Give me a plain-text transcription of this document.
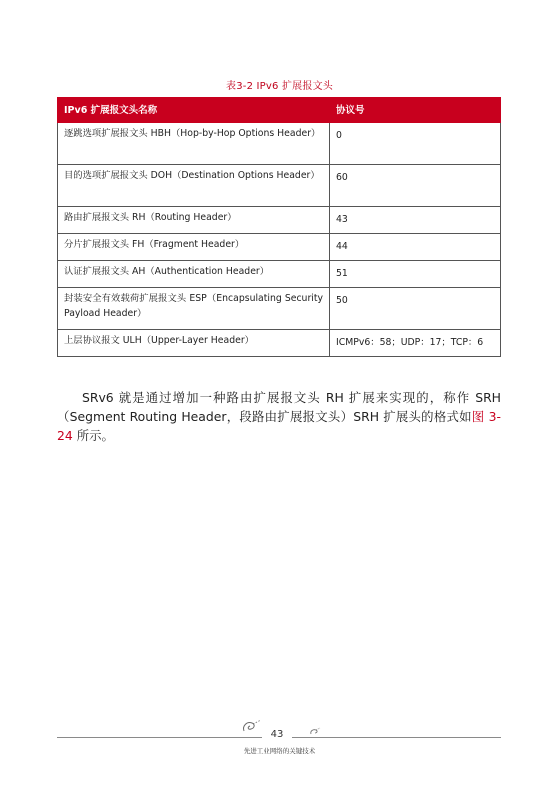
表3-2 IPv6 扩展报文头
IPv6 扩展报文头名称	协议号
逐跳选项扩展报文头 HBH（Hop-by-Hop Options Header）	0
目的选项扩展报文头 DOH（Destination Options Header）	60
路由扩展报文头 RH（Routing Header）	43
分片扩展报文头 FH（Fragment Header）	44
认证扩展报文头 AH（Authentication Header）	51
封装安全有效载荷扩展报文头 ESP（Encapsulating Security Payload Header）	50
上层协议报文 ULH（Upper-Layer Header）	ICMPv6：58；UDP：17；TCP：6

SRv6 就是通过增加一种路由扩展报文头 RH 扩展来实现的，称作 SRH（Segment Routing Header，段路由扩展报文头）SRH 扩展头的格式如图 3-24 所示。

43
先进工业网络的关键技术
